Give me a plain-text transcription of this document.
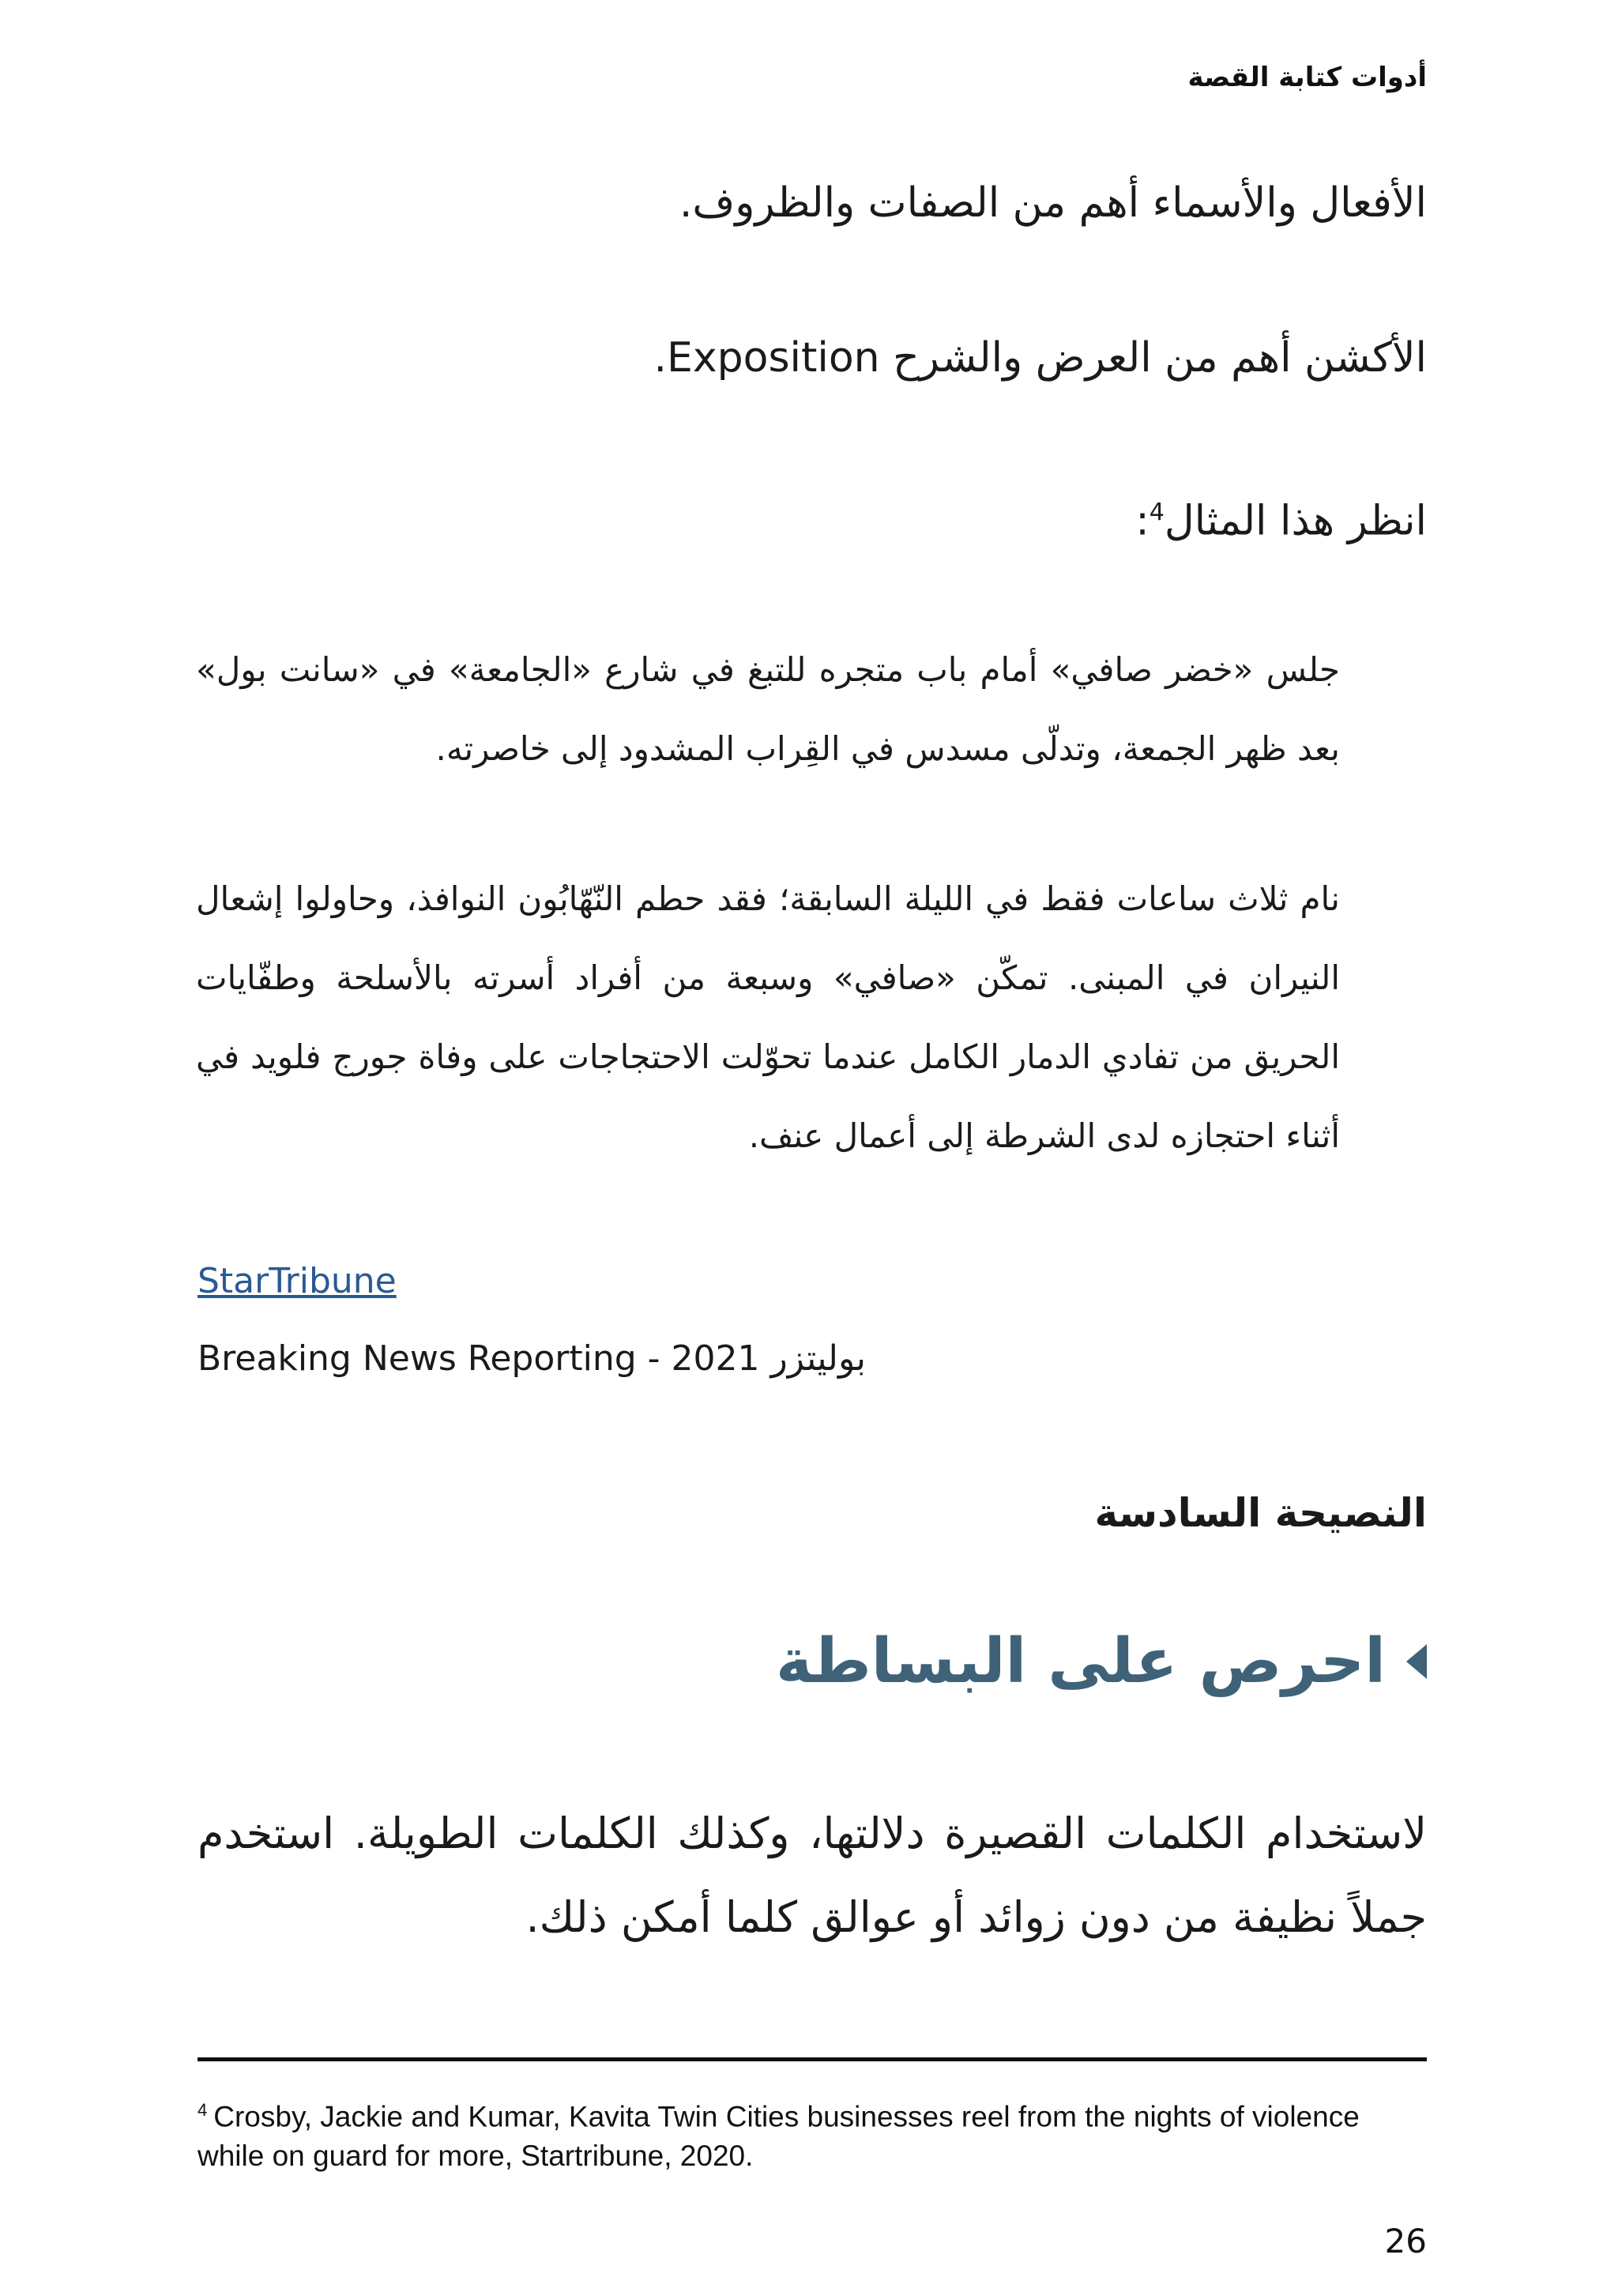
أدوات كتابة القصة
الأفعال والأسماء أهم من الصفات والظروف.
الأكشن أهم من العرض والشرح Exposition.
انظر هذا المثال$^4$:
جلس «خضر صافي» أمام باب متجره للتبغ في شارع «الجامعة» في «سانت بول» بعد ظهر الجمعة، وتدلّى مسدس في القِراب المشدود إلى خاصرته.
نام ثلاث ساعات فقط في الليلة السابقة؛ فقد حطم النّهّابُون النوافذ، وحاولوا إشعال النيران في المبنى. تمكّن «صافي» وسبعة من أفراد أسرته بالأسلحة وطفّايات الحريق من تفادي الدمار الكامل عندما تحوّلت الاحتجاجات على وفاة جورج فلويد في أثناء احتجازه لدى الشرطة إلى أعمال عنف.
StarTribune
بوليتزر 2021 - Breaking News Reporting
النصيحة السادسة
احرص على البساطة
لاستخدام الكلمات القصيرة دلالتها، وكذلك الكلمات الطويلة. استخدم جملاً نظيفة من دون زوائد أو عوالق كلما أمكن ذلك.
$^4$ Crosby, Jackie and Kumar, Kavita Twin Cities businesses reel from the nights of violence while on guard for more, Startribune, 2020.
26
